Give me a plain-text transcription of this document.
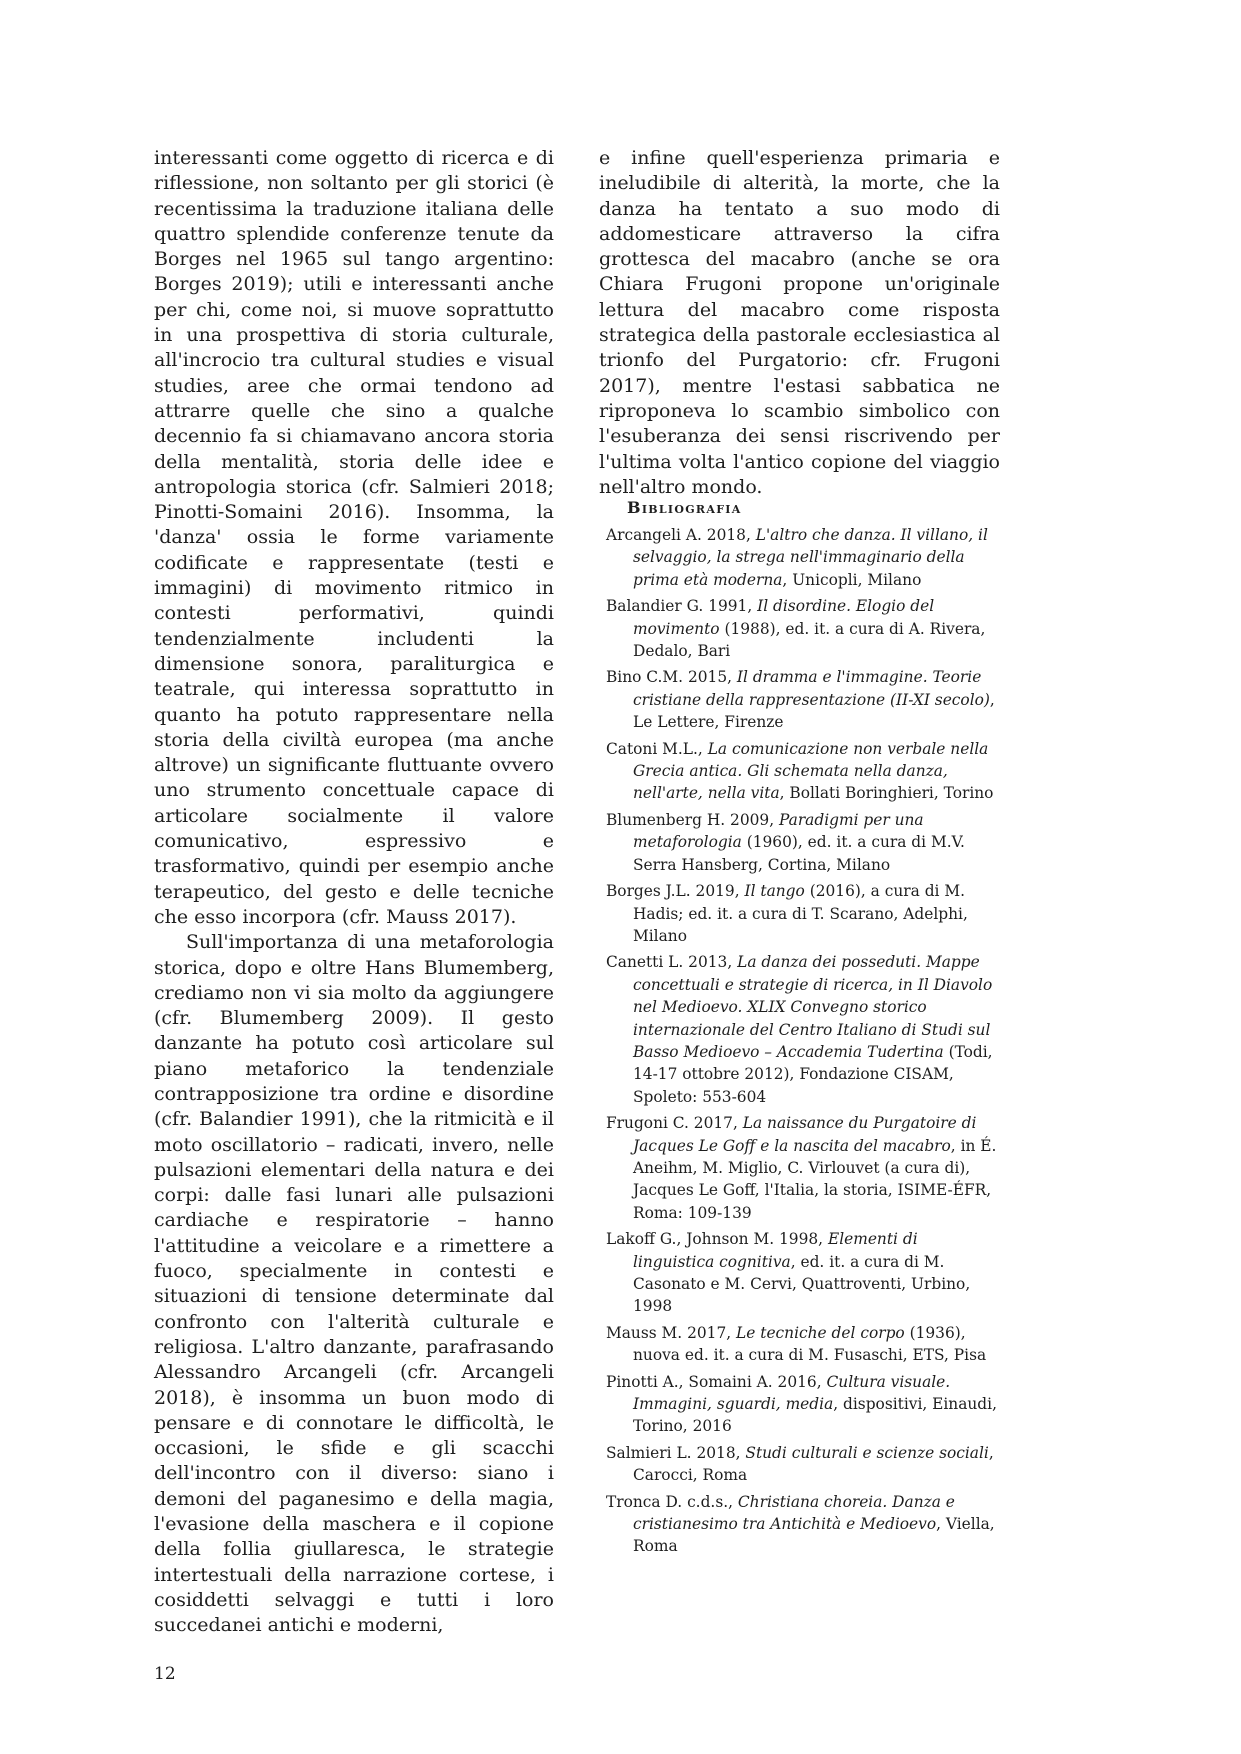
interessanti come oggetto di ricerca e di riflessione, non soltanto per gli storici (è recentissima la traduzione italiana delle quattro splendide conferenze tenute da Borges nel 1965 sul tango argentino: Borges 2019); utili e interessanti anche per chi, come noi, si muove soprattutto in una prospettiva di storia culturale, all'incrocio tra cultural studies e visual studies, aree che ormai tendono ad attrarre quelle che sino a qualche decennio fa si chiamavano ancora storia della mentalità, storia delle idee e antropologia storica (cfr. Salmieri 2018; Pinotti-Somaini 2016). Insomma, la 'danza' ossia le forme variamente codificate e rappresentate (testi e immagini) di movimento ritmico in contesti performativi, quindi tendenzialmente includenti la dimensione sonora, paraliturgica e teatrale, qui interessa soprattutto in quanto ha potuto rappresentare nella storia della civiltà europea (ma anche altrove) un significante fluttuante ovvero uno strumento concettuale capace di articolare socialmente il valore comunicativo, espressivo e trasformativo, quindi per esempio anche terapeutico, del gesto e delle tecniche che esso incorpora (cfr. Mauss 2017).

Sull'importanza di una metaforologia storica, dopo e oltre Hans Blumemberg, crediamo non vi sia molto da aggiungere (cfr. Blumemberg 2009). Il gesto danzante ha potuto così articolare sul piano metaforico la tendenziale contrapposizione tra ordine e disordine (cfr. Balandier 1991), che la ritmicità e il moto oscillatorio – radicati, invero, nelle pulsazioni elementari della natura e dei corpi: dalle fasi lunari alle pulsazioni cardiache e respiratorie – hanno l'attitudine a veicolare e a rimettere a fuoco, specialmente in contesti e situazioni di tensione determinate dal confronto con l'alterità culturale e religiosa. L'altro danzante, parafrasando Alessandro Arcangeli (cfr. Arcangeli 2018), è insomma un buon modo di pensare e di connotare le difficoltà, le occasioni, le sfide e gli scacchi dell'incontro con il diverso: siano i demoni del paganesimo e della magia, l'evasione della maschera e il copione della follia giullaresca, le strategie intertestuali della narrazione cortese, i cosiddetti selvaggi e tutti i loro succedanei antichi e moderni,

e infine quell'esperienza primaria e ineludibile di alterità, la morte, che la danza ha tentato a suo modo di addomesticare attraverso la cifra grottesca del macabro (anche se ora Chiara Frugoni propone un'originale lettura del macabro come risposta strategica della pastorale ecclesiastica al trionfo del Purgatorio: cfr. Frugoni 2017), mentre l'estasi sabbatica ne riproponeva lo scambio simbolico con l'esuberanza dei sensi riscrivendo per l'ultima volta l'antico copione del viaggio nell'altro mondo.

Bibliografia
Arcangeli A. 2018, L'altro che danza. Il villano, il selvaggio, la strega nell'immaginario della prima età moderna, Unicopli, Milano
Balandier G. 1991, Il disordine. Elogio del movimento (1988), ed. it. a cura di A. Rivera, Dedalo, Bari
Bino C.M. 2015, Il dramma e l'immagine. Teorie cristiane della rappresentazione (II-XI secolo), Le Lettere, Firenze
Catoni M.L., La comunicazione non verbale nella Grecia antica. Gli schemata nella danza, nell'arte, nella vita, Bollati Boringhieri, Torino
Blumenberg H. 2009, Paradigmi per una metaforologia (1960), ed. it. a cura di M.V. Serra Hansberg, Cortina, Milano
Borges J.L. 2019, Il tango (2016), a cura di M. Hadis; ed. it. a cura di T. Scarano, Adelphi, Milano
Canetti L. 2013, La danza dei posseduti. Mappe concettuali e strategie di ricerca, in Il Diavolo nel Medioevo. XLIX Convegno storico internazionale del Centro Italiano di Studi sul Basso Medioevo – Accademia Tudertina (Todi, 14-17 ottobre 2012), Fondazione CISAM, Spoleto: 553-604
Frugoni C. 2017, La naissance du Purgatoire di Jacques Le Goff e la nascita del macabro, in É. Aneihm, M. Miglio, C. Virlouvet (a cura di), Jacques Le Goff, l'Italia, la storia, ISIME-ÉFR, Roma: 109-139
Lakoff G., Johnson M. 1998, Elementi di linguistica cognitiva, ed. it. a cura di M. Casonato e M. Cervi, Quattroventi, Urbino, 1998
Mauss M. 2017, Le tecniche del corpo (1936), nuova ed. it. a cura di M. Fusaschi, ETS, Pisa
Pinotti A., Somaini A. 2016, Cultura visuale. Immagini, sguardi, media, dispositivi, Einaudi, Torino, 2016
Salmieri L. 2018, Studi culturali e scienze sociali, Carocci, Roma
Tronca D. c.d.s., Christiana choreia. Danza e cristianesimo tra Antichità e Medioevo, Viella, Roma
12
